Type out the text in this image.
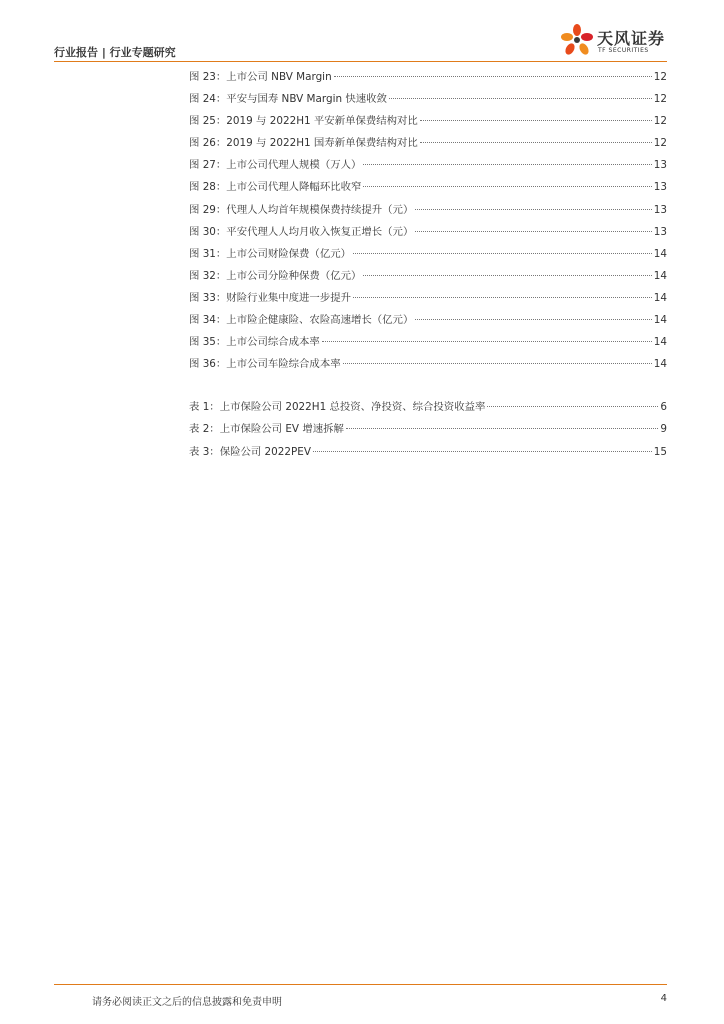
行业报告 | 行业专题研究
天风证券
TF SECURITIES
图 23：上市公司 NBV Margin	12
图 24：平安与国寿 NBV Margin 快速收敛	12
图 25：2019 与 2022H1 平安新单保费结构对比	12
图 26：2019 与 2022H1 国寿新单保费结构对比	12
图 27：上市公司代理人规模（万人）	13
图 28：上市公司代理人降幅环比收窄	13
图 29：代理人人均首年规模保费持续提升（元）	13
图 30：平安代理人人均月收入恢复正增长（元）	13
图 31：上市公司财险保费（亿元）	14
图 32：上市公司分险种保费（亿元）	14
图 33：财险行业集中度进一步提升	14
图 34：上市险企健康险、农险高速增长（亿元）	14
图 35：上市公司综合成本率	14
图 36：上市公司车险综合成本率	14
表 1：上市保险公司 2022H1 总投资、净投资、综合投资收益率	6
表 2：上市保险公司 EV 增速拆解	9
表 3：保险公司 2022PEV	15
请务必阅读正文之后的信息披露和免责申明	4
